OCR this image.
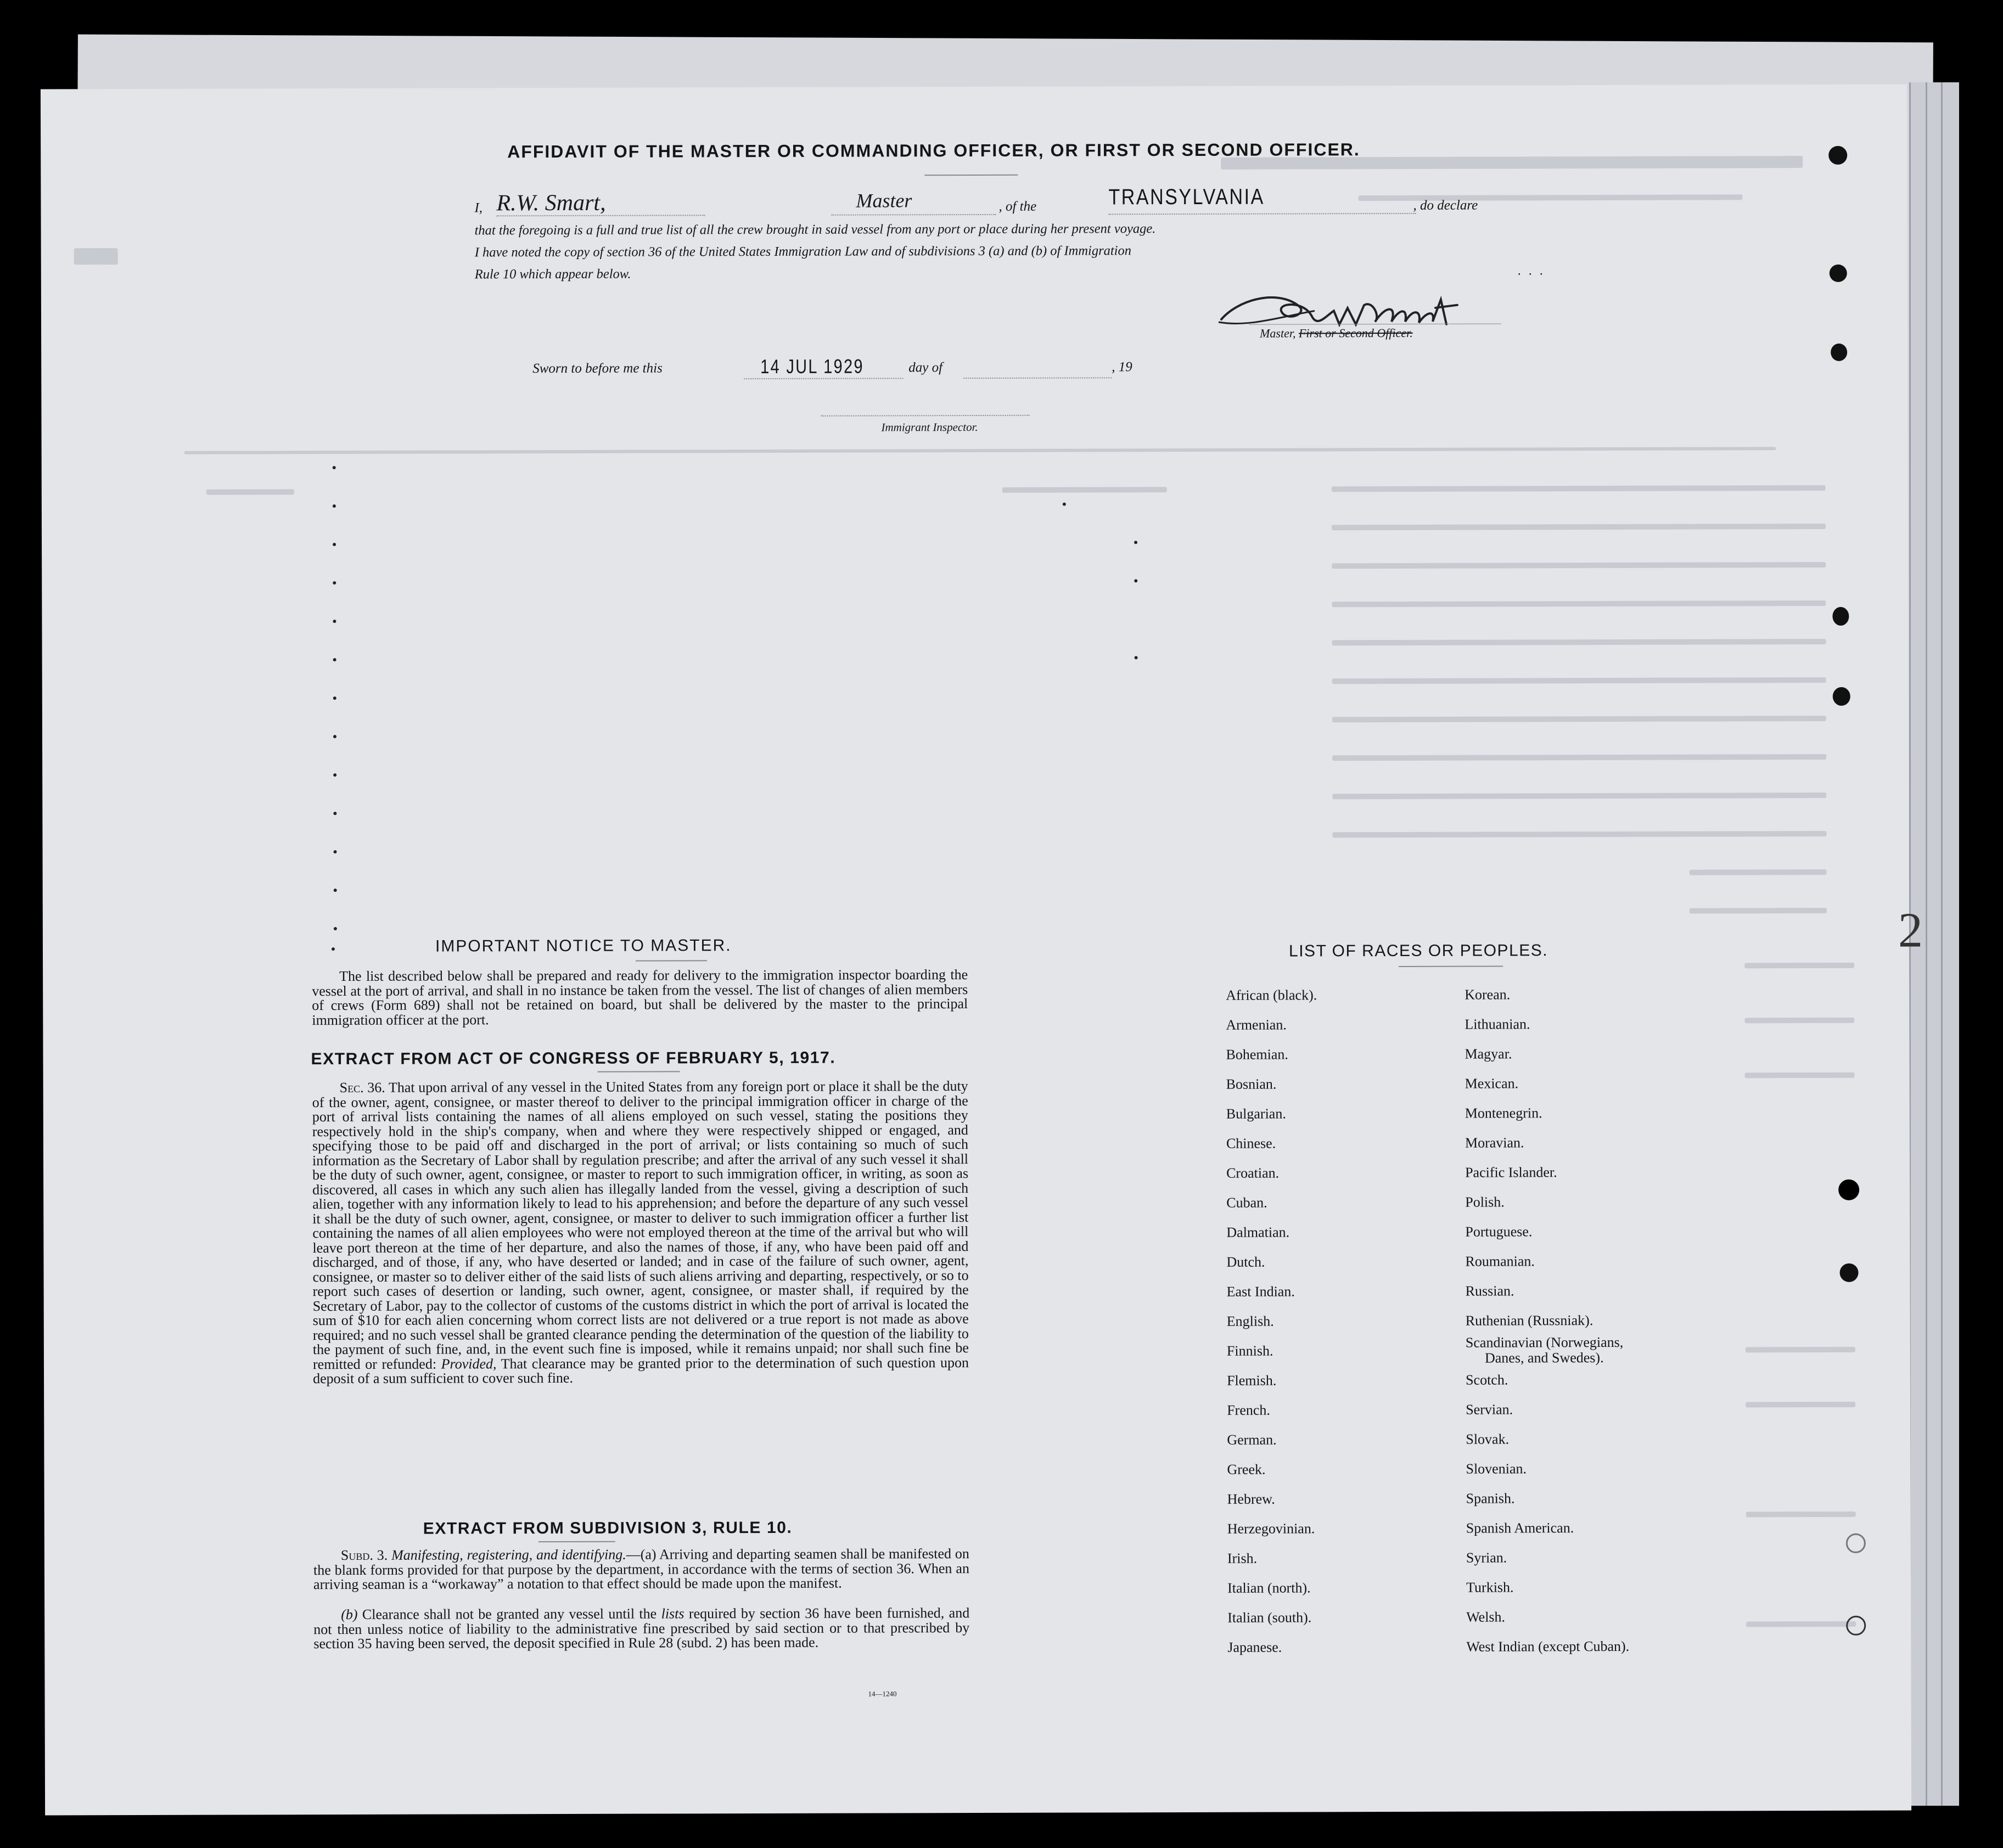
AFFIDAVIT OF THE MASTER OR COMMANDING OFFICER, OR FIRST OR SECOND OFFICER.
I, R.W. Smart,	Master	, of the	TRANSYLVANIA	, do declare
that the foregoing is a full and true list of all the crew brought in said vessel from any port or place during her present voyage.
I have noted the copy of section 36 of the United States Immigration Law and of subdivisions 3 (a) and (b) of Immigration
Rule 10 which appear below.	...
Master, First or Second Officer.
Sworn to before me this	14 JUL 1929	day of	, 19
Immigrant Inspector.
IMPORTANT NOTICE TO MASTER.
The list described below shall be prepared and ready for delivery to the immigration inspector boarding the vessel at the port of arrival, and shall in no instance be taken from the vessel. The list of changes of alien members of crews (Form 689) shall not be retained on board, but shall be delivered by the master to the principal immigration officer at the port.
EXTRACT FROM ACT OF CONGRESS OF FEBRUARY 5, 1917.
Sec. 36. That upon arrival of any vessel in the United States from any foreign port or place it shall be the duty of the owner, agent, consignee, or master thereof to deliver to the principal immigration officer in charge of the port of arrival lists containing the names of all aliens employed on such vessel, stating the positions they respectively hold in the ship's company, when and where they were respectively shipped or engaged, and specifying those to be paid off and discharged in the port of arrival; or lists containing so much of such information as the Secretary of Labor shall by regulation prescribe; and after the arrival of any such vessel it shall be the duty of such owner, agent, consignee, or master to report to such immigration officer, in writing, as soon as discovered, all cases in which any such alien has illegally landed from the vessel, giving a description of such alien, together with any information likely to lead to his apprehension; and before the departure of any such vessel it shall be the duty of such owner, agent, consignee, or master to deliver to such immigration officer a further list containing the names of all alien employees who were not employed thereon at the time of the arrival but who will leave port thereon at the time of her departure, and also the names of those, if any, who have been paid off and discharged, and of those, if any, who have deserted or landed; and in case of the failure of such owner, agent, consignee, or master so to deliver either of the said lists of such aliens arriving and departing, respectively, or so to report such cases of desertion or landing, such owner, agent, consignee, or master shall, if required by the Secretary of Labor, pay to the collector of customs of the customs district in which the port of arrival is located the sum of $10 for each alien concerning whom correct lists are not delivered or a true report is not made as above required; and no such vessel shall be granted clearance pending the determination of the question of the liability to the payment of such fine, and, in the event such fine is imposed, while it remains unpaid; nor shall such fine be remitted or refunded: Provided, That clearance may be granted prior to the determination of such question upon deposit of a sum sufficient to cover such fine.
EXTRACT FROM SUBDIVISION 3, RULE 10.
Subd. 3. Manifesting, registering, and identifying.—(a) Arriving and departing seamen shall be manifested on the blank forms provided for that purpose by the department, in accordance with the terms of section 36. When an arriving seaman is a “workaway” a notation to that effect should be made upon the manifest.
(b) Clearance shall not be granted any vessel until the lists required by section 36 have been furnished, and not then unless notice of liability to the administrative fine prescribed by said section or to that prescribed by section 35 having been served, the deposit specified in Rule 28 (subd. 2) has been made.
14—1240
LIST OF RACES OR PEOPLES.
African (black).
Armenian.
Bohemian.
Bosnian.
Bulgarian.
Chinese.
Croatian.
Cuban.
Dalmatian.
Dutch.
East Indian.
English.
Finnish.
Flemish.
French.
German.
Greek.
Hebrew.
Herzegovinian.
Irish.
Italian (north).
Italian (south).
Japanese.
Korean.
Lithuanian.
Magyar.
Mexican.
Montenegrin.
Moravian.
Pacific Islander.
Polish.
Portuguese.
Roumanian.
Russian.
Ruthenian (Russniak).
Scandinavian (Norwegians,
Danes, and Swedes).
Scotch.
Servian.
Slovak.
Slovenian.
Spanish.
Spanish American.
Syrian.
Turkish.
Welsh.
West Indian (except Cuban).
2
